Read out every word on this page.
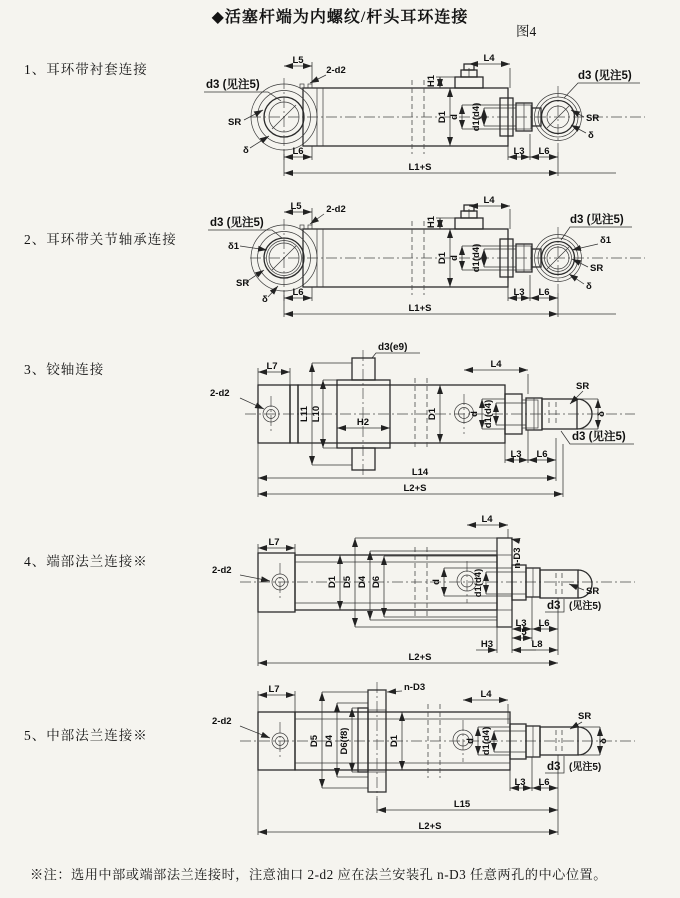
◆活塞杆端为内螺纹/杆头耳环连接
图4
1、耳环带衬套连接
2、耳环带关节轴承连接
3、铰轴连接
4、端部法兰连接※
5、中部法兰连接※
L5
2-d2
L4
H1
D1 d d1(d4)
L3 L6
L6
L1+S
d3 (见注5)
SR
δ
d3 (见注5)
SR
δ
L5	2-d2
L4
H1
D1 d d1(d4)
L3 L6
L6
L1+S
d3 (见注5)
δ1
SR
δ
d3 (见注5)
δ1
SR
δ
L7
2-d2
L11 L10
d3(e9)
H2
D1
L4
d d1(d4)
SR
δ
d3 (见注5)
L3 L6
L14
L2+S
L7
2-d2
D1 D5 D4 D6	d	d1(d4)
L4
n-D3
SR
d3 (见注5)
L3 L6
5
H3	L8
L2+S
L7
2-d2
D5 D4 D6(f8)	D1
n-D3
L4
d d1(d4)
SR
δ
d3 (见注5)
L3 L6
L15
L2+S
※注：选用中部或端部法兰连接时，注意油口 2-d2 应在法兰安装孔 n-D3 任意两孔的中心位置。
